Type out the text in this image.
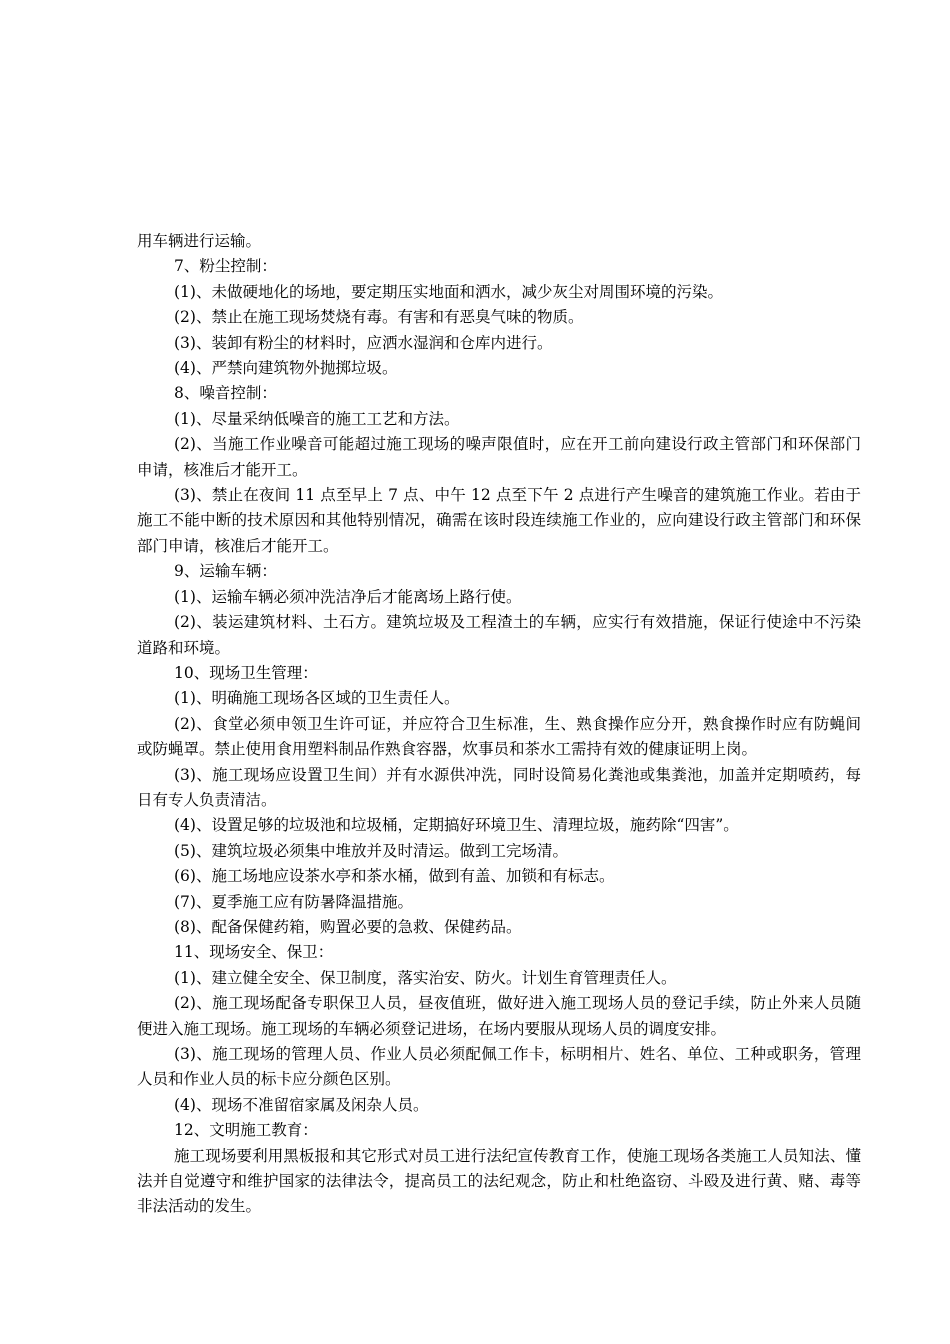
用车辆进行运输。

7、粉尘控制：

(1)、未做硬地化的场地，要定期压实地面和洒水，减少灰尘对周围环境的污染。

(2)、禁止在施工现场焚烧有毒。有害和有恶臭气味的物质。

(3)、装卸有粉尘的材料时，应洒水湿润和仓库内进行。

(4)、严禁向建筑物外抛掷垃圾。

8、噪音控制：

(1)、尽量采纳低噪音的施工工艺和方法。

(2)、当施工作业噪音可能超过施工现场的噪声限值时，应在开工前向建设行政主管部门和环保部门申请，核准后才能开工。

(3)、禁止在夜间 11 点至早上 7 点、中午 12 点至下午 2 点进行产生噪音的建筑施工作业。若由于施工不能中断的技术原因和其他特别情况，确需在该时段连续施工作业的，应向建设行政主管部门和环保部门申请，核准后才能开工。

9、运输车辆：

(1)、运输车辆必须冲洗洁净后才能离场上路行使。

(2)、装运建筑材料、土石方。建筑垃圾及工程渣土的车辆，应实行有效措施，保证行使途中不污染道路和环境。

10、现场卫生管理：

(1)、明确施工现场各区域的卫生责任人。

(2)、食堂必须申领卫生许可证，并应符合卫生标准，生、熟食操作应分开，熟食操作时应有防蝇间或防蝇罩。禁止使用食用塑料制品作熟食容器，炊事员和茶水工需持有效的健康证明上岗。

(3)、施工现场应设置卫生间）并有水源供冲洗，同时设简易化粪池或集粪池，加盖并定期喷药，每日有专人负责清洁。

(4)、设置足够的垃圾池和垃圾桶，定期搞好环境卫生、清理垃圾，施药除“四害”。

(5)、建筑垃圾必须集中堆放并及时清运。做到工完场清。

(6)、施工场地应设茶水亭和茶水桶，做到有盖、加锁和有标志。

(7)、夏季施工应有防暑降温措施。

(8)、配备保健药箱，购置必要的急救、保健药品。

11、现场安全、保卫：

(1)、建立健全安全、保卫制度，落实治安、防火。计划生育管理责任人。

(2)、施工现场配备专职保卫人员，昼夜值班，做好进入施工现场人员的登记手续，防止外来人员随便进入施工现场。施工现场的车辆必须登记进场，在场内要服从现场人员的调度安排。

(3)、施工现场的管理人员、作业人员必须配佩工作卡，标明相片、姓名、单位、工种或职务，管理人员和作业人员的标卡应分颜色区别。

(4)、现场不准留宿家属及闲杂人员。

12、文明施工教育：

施工现场要利用黑板报和其它形式对员工进行法纪宣传教育工作，使施工现场各类施工人员知法、懂法并自觉遵守和维护国家的法律法令，提高员工的法纪观念，防止和杜绝盗窃、斗殴及进行黄、赌、毒等非法活动的发生。
